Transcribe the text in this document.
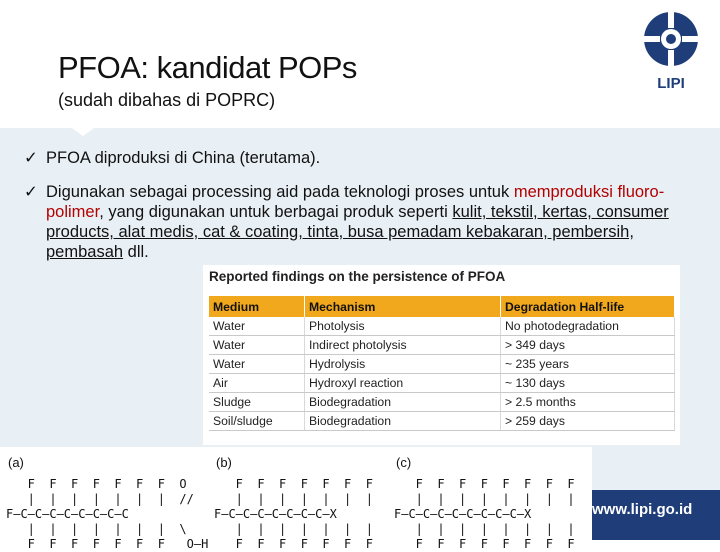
PFOA: kandidat POPs
(sudah dibahas di POPRC)
LIPI
✓ PFOA diproduksi di China (terutama).
✓ Digunakan sebagai processing aid pada teknologi proses untuk memproduksi fluoro-polimer, yang digunakan untuk berbagai produk seperti kulit, tekstil, kertas, consumer products, alat medis, cat & coating, tinta, busa pemadam kebakaran, pembersih, pembasah dll.
Reported findings on the persistence of PFOA
Medium	Mechanism	Degradation Half-life
Water	Photolysis	No photodegradation
Water	Indirect photolysis	> 349 days
Water	Hydrolysis	~ 235 years
Air	Hydroxyl reaction	~ 130 days
Sludge	Biodegradation	> 2.5 months
Soil/sludge	Biodegradation	> 259 days
(a)	(b)	(c)
F  F  F  F  F  F  F  O
|  |  |  |  |  |  |  //
F–C–C–C–C–C–C–C–C
|  |  |  |  |  |  |  \
F  F  F  F  F  F  F   O–H
F  F  F  F  F  F  F
|  |  |  |  |  |  |
F–C–C–C–C–C–C–C–X
|  |  |  |  |  |  |
F  F  F  F  F  F  F
F  F  F  F  F  F  F  F
|  |  |  |  |  |  |  |
F–C–C–C–C–C–C–C–C–X
|  |  |  |  |  |  |  |
F  F  F  F  F  F  F  F
www.lipi.go.id
